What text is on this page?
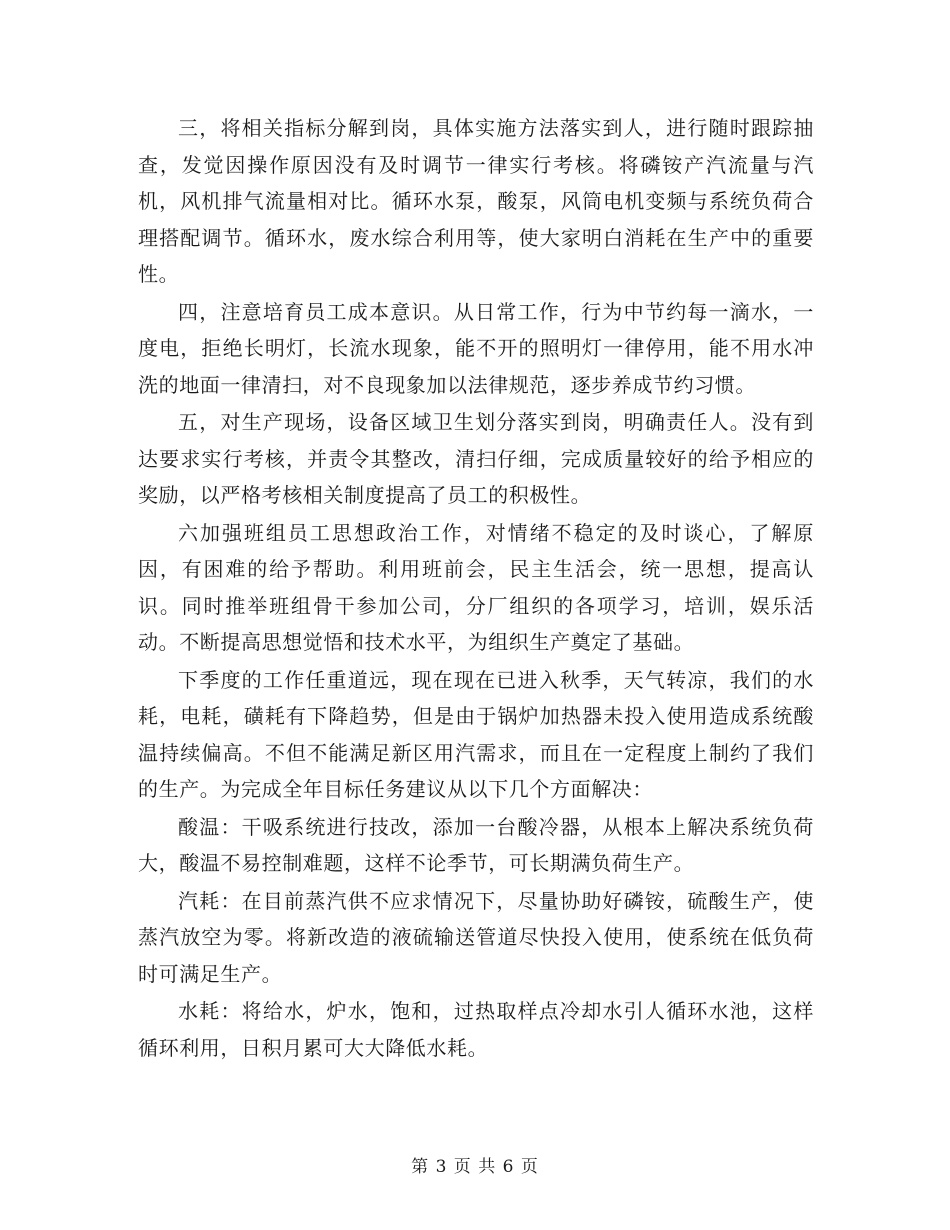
三，将相关指标分解到岗，具体实施方法落实到人，进行随时跟踪抽查，发觉因操作原因没有及时调节一律实行考核。将磷铵产汽流量与汽机，风机排气流量相对比。循环水泵，酸泵，风筒电机变频与系统负荷合理搭配调节。循环水，废水综合利用等，使大家明白消耗在生产中的重要性。

四，注意培育员工成本意识。从日常工作，行为中节约每一滴水，一度电，拒绝长明灯，长流水现象，能不开的照明灯一律停用，能不用水冲洗的地面一律清扫，对不良现象加以法律规范，逐步养成节约习惯。

五，对生产现场，设备区域卫生划分落实到岗，明确责任人。没有到达要求实行考核，并责令其整改，清扫仔细，完成质量较好的给予相应的奖励，以严格考核相关制度提高了员工的积极性。

六加强班组员工思想政治工作，对情绪不稳定的及时谈心，了解原因，有困难的给予帮助。利用班前会，民主生活会，统一思想，提高认识。同时推举班组骨干参加公司，分厂组织的各项学习，培训，娱乐活动。不断提高思想觉悟和技术水平，为组织生产奠定了基础。

下季度的工作任重道远，现在现在已进入秋季，天气转凉，我们的水耗，电耗，磺耗有下降趋势，但是由于锅炉加热器未投入使用造成系统酸温持续偏高。不但不能满足新区用汽需求，而且在一定程度上制约了我们的生产。为完成全年目标任务建议从以下几个方面解决：

酸温：干吸系统进行技改，添加一台酸冷器，从根本上解决系统负荷大，酸温不易控制难题，这样不论季节，可长期满负荷生产。

汽耗：在目前蒸汽供不应求情况下，尽量协助好磷铵，硫酸生产，使蒸汽放空为零。将新改造的液硫输送管道尽快投入使用，使系统在低负荷时可满足生产。

水耗：将给水，炉水，饱和，过热取样点冷却水引人循环水池，这样循环利用，日积月累可大大降低水耗。

第 3 页 共 6 页
